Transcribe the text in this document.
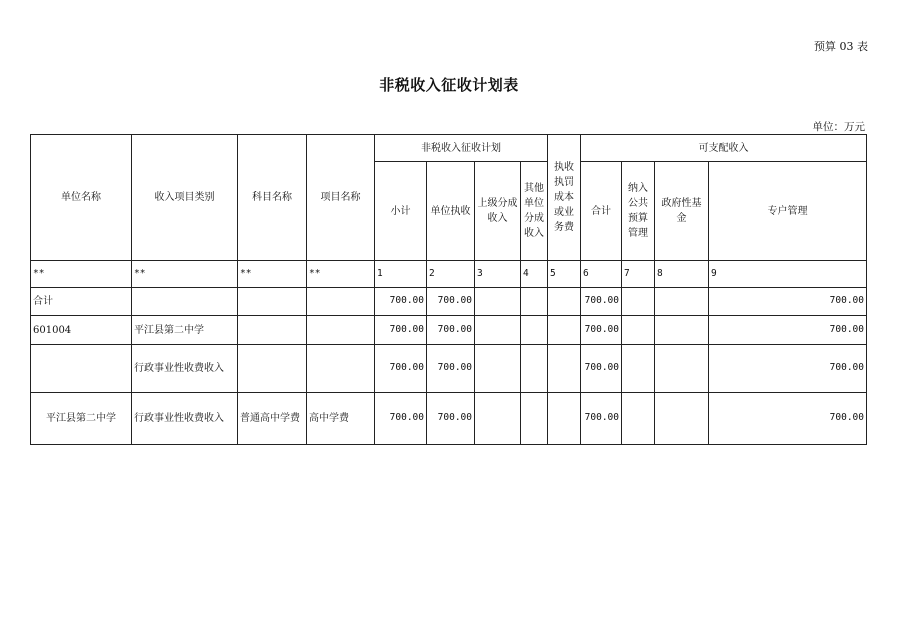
预算 03 表
非税收入征收计划表
单位：万元
单位名称	收入项目类别	科目名称	项目名称	非税收入征收计划				执收执罚成本或业务费	可支配收入			
				小计	单位执收	上级分成收入	其他单位分成收入		合计	纳入公共预算管理	政府性基金	专户管理
**	**	**	**	1	2	3	4	5	6	7	8	9
合计				700.00	700.00				700.00			700.00
601004	平江县第二中学			700.00	700.00				700.00			700.00
	行政事业性收费收入			700.00	700.00				700.00			700.00
平江县第二中学	行政事业性收费收入	普通高中学费	高中学费	700.00	700.00				700.00			700.00
